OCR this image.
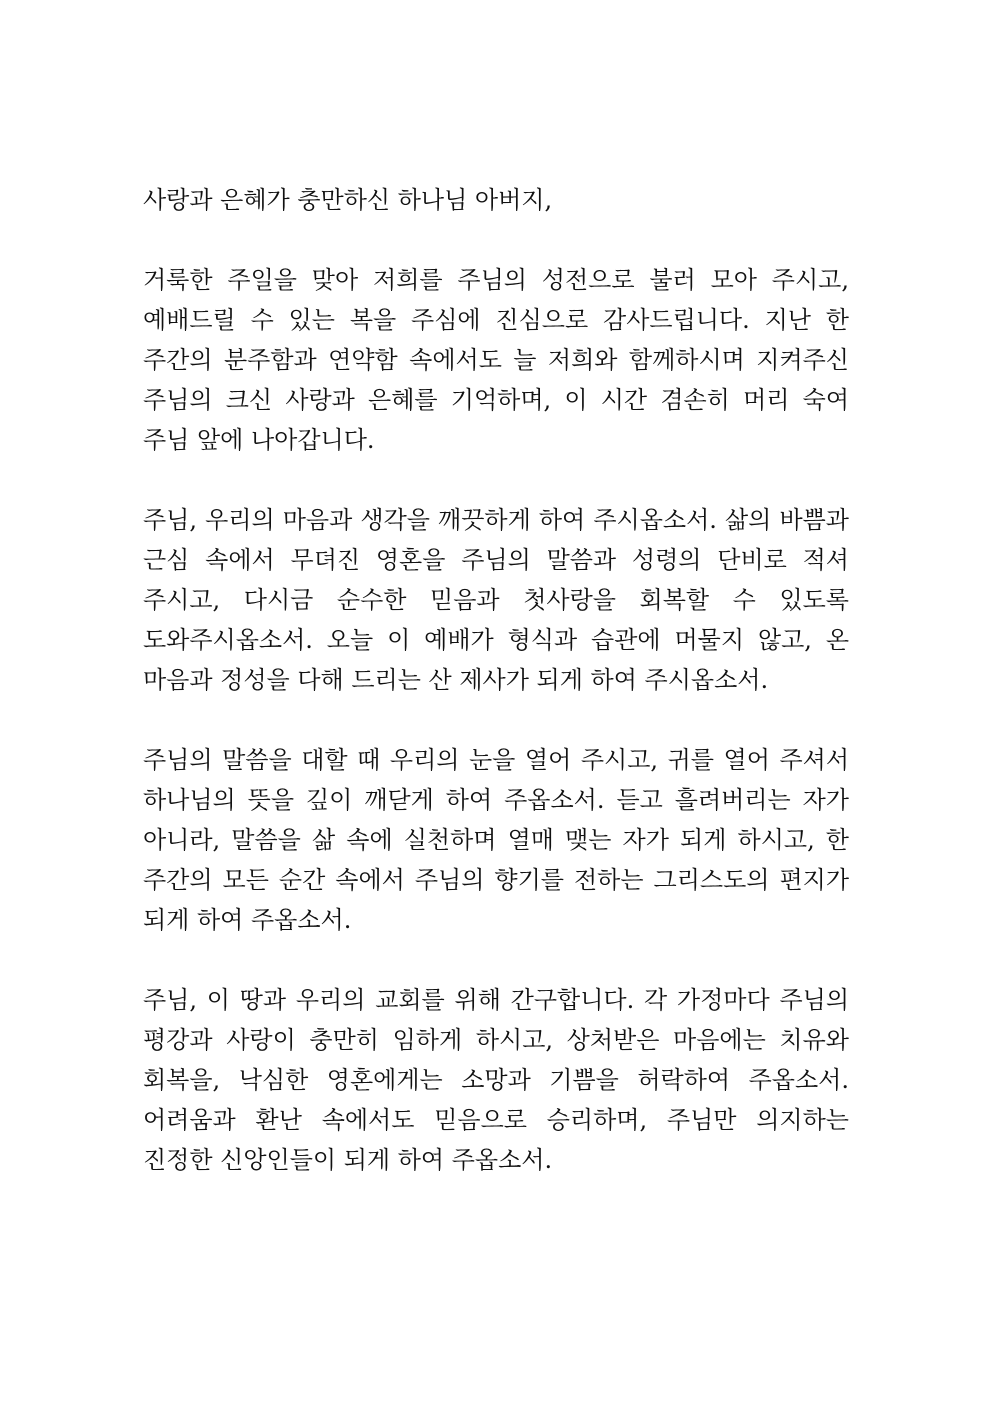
사랑과 은혜가 충만하신 하나님 아버지,

거룩한 주일을 맞아 저희를 주님의 성전으로 불러 모아 주시고, 예배드릴 수 있는 복을 주심에 진심으로 감사드립니다. 지난 한 주간의 분주함과 연약함 속에서도 늘 저희와 함께하시며 지켜주신 주님의 크신 사랑과 은혜를 기억하며, 이 시간 겸손히 머리 숙여 주님 앞에 나아갑니다.

주님, 우리의 마음과 생각을 깨끗하게 하여 주시옵소서. 삶의 바쁨과 근심 속에서 무뎌진 영혼을 주님의 말씀과 성령의 단비로 적셔 주시고, 다시금 순수한 믿음과 첫사랑을 회복할 수 있도록 도와주시옵소서. 오늘 이 예배가 형식과 습관에 머물지 않고, 온 마음과 정성을 다해 드리는 산 제사가 되게 하여 주시옵소서.

주님의 말씀을 대할 때 우리의 눈을 열어 주시고, 귀를 열어 주셔서 하나님의 뜻을 깊이 깨닫게 하여 주옵소서. 듣고 흘려버리는 자가 아니라, 말씀을 삶 속에 실천하며 열매 맺는 자가 되게 하시고, 한 주간의 모든 순간 속에서 주님의 향기를 전하는 그리스도의 편지가 되게 하여 주옵소서.

주님, 이 땅과 우리의 교회를 위해 간구합니다. 각 가정마다 주님의 평강과 사랑이 충만히 임하게 하시고, 상처받은 마음에는 치유와 회복을, 낙심한 영혼에게는 소망과 기쁨을 허락하여 주옵소서. 어려움과 환난 속에서도 믿음으로 승리하며, 주님만 의지하는 진정한 신앙인들이 되게 하여 주옵소서.
